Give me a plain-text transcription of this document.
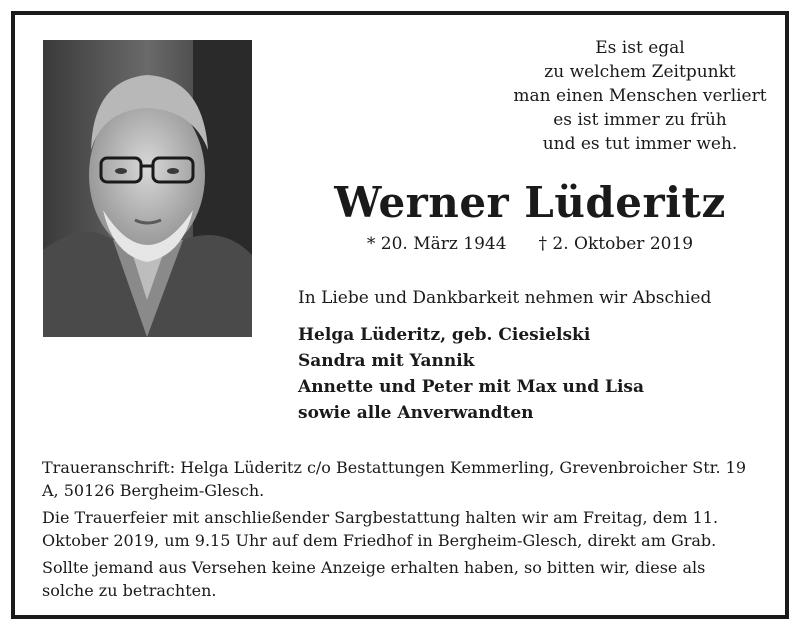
Es ist egal
zu welchem Zeitpunkt
man einen Menschen verliert
es ist immer zu früh
und es tut immer weh.
Werner Lüderitz
* 20. März 1944 † 2. Oktober 2019
In Liebe und Dankbarkeit nehmen wir Abschied
Helga Lüderitz, geb. Ciesielski
Sandra mit Yannik
Annette und Peter mit Max und Lisa
sowie alle Anverwandten

Traueranschrift: Helga Lüderitz c/o Bestattungen Kemmerling, Grevenbroicher Str. 19 A, 50126 Bergheim-Glesch.

Die Trauerfeier mit anschließender Sargbestattung halten wir am Freitag, dem 11. Oktober 2019, um 9.15 Uhr auf dem Friedhof in Bergheim-Glesch, direkt am Grab.

Sollte jemand aus Versehen keine Anzeige erhalten haben, so bitten wir, diese als solche zu betrachten.
